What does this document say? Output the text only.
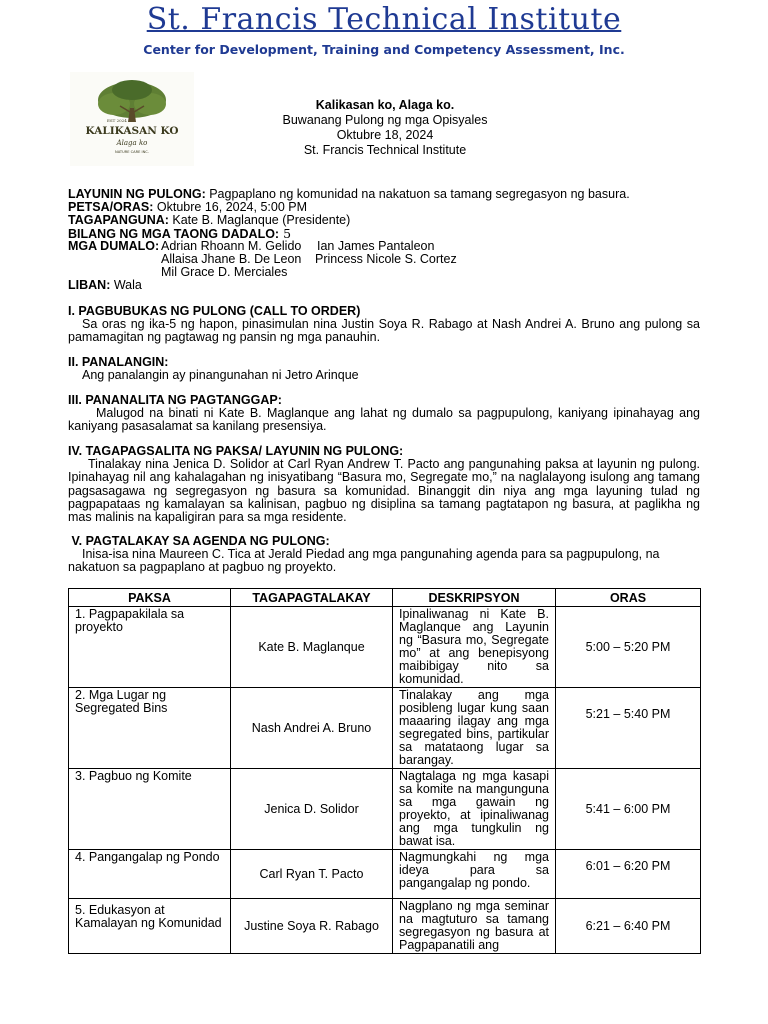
St. Francis Technical Institute
Center for Development, Training and Competency Assessment, Inc.
EST 2024
KALIKASAN KO
Alaga ko
NATURE CARE INC.
Kalikasan ko, Alaga ko.
Buwanang Pulong ng mga Opisyales
Oktubre 18, 2024
St. Francis Technical Institute
LAYUNIN NG PULONG: Pagpaplano ng komunidad na nakatuon sa tamang segregasyon ng basura.
PETSA/ORAS: Oktubre 16, 2024, 5:00 PM
TAGAPANGUNA: Kate B. Maglanque (Presidente)
BILANG NG MGA TAONG DADALO: 5
MGA DUMALO: Adrian Rhoann M. Gelido Ian James Pantaleon
Allaisa Jhane B. De Leon Princess Nicole S. Cortez
Mil Grace D. Merciales
LIBAN: Wala
I. PAGBUBUKAS NG PULONG (CALL TO ORDER)
Sa oras ng ika-5 ng hapon, pinasimulan nina Justin Soya R. Rabago at Nash Andrei A. Bruno ang pulong sa pamamagitan ng pagtawag ng pansin ng mga panauhin.
II. PANALANGIN:
Ang panalangin ay pinangunahan ni Jetro Arinque
III. PANANALITA NG PAGTANGGAP:
Malugod na binati ni Kate B. Maglanque ang lahat ng dumalo sa pagpupulong, kaniyang ipinahayag ang kaniyang pasasalamat sa kanilang presensiya.
IV. TAGAPAGSALITA NG PAKSA/ LAYUNIN NG PULONG:
Tinalakay nina Jenica D. Solidor at Carl Ryan Andrew T. Pacto ang pangunahing paksa at layunin ng pulong. Ipinahayag nil ang kahalagahan ng inisyatibang “Basura mo, Segregate mo,” na naglalayong isulong ang tamang pagsasagawa ng segregasyon ng basura sa komunidad. Binanggit din niya ang mga layuning tulad ng pagpapataas ng kamalayan sa kalinisan, pagbuo ng disiplina sa tamang pagtatapon ng basura, at paglikha ng mas malinis na kapaligiran para sa mga residente.
V. PAGTALAKAY SA AGENDA NG PULONG:
Inisa-isa nina Maureen C. Tica at Jerald Piedad ang mga pangunahing agenda para sa pagpupulong, na nakatuon sa pagpaplano at pagbuo ng proyekto.
PAKSA	TAGAPAGTALAKAY	DESKRIPSYON	ORAS
1. Pagpapakilala sa proyekto	Kate B. Maglanque	Ipinaliwanag ni Kate B. Maglanque ang Layunin ng “Basura mo, Segregate mo” at ang benepisyong maibibigay nito sa komunidad.	5:00 – 5:20 PM
2. Mga Lugar ng Segregated Bins	Nash Andrei A. Bruno	Tinalakay ang mga posibleng lugar kung saan maaaring ilagay ang mga segregated bins, partikular sa matataong lugar sa barangay.	5:21 – 5:40 PM
3. Pagbuo ng Komite	Jenica D. Solidor	Nagtalaga ng mga kasapi sa komite na mangunguna sa mga gawain ng proyekto, at ipinaliwanag ang mga tungkulin ng bawat isa.	5:41 – 6:00 PM
4. Pangangalap ng Pondo	Carl Ryan T. Pacto	Nagmungkahi ng mga ideya para sa pangangalap ng pondo.	6:01 – 6:20 PM
5. Edukasyon at Kamalayan ng Komunidad	Justine Soya R. Rabago	Nagplano ng mga seminar na magtuturo sa tamang segregasyon ng basura at Pagpapanatili ang	6:21 – 6:40 PM
